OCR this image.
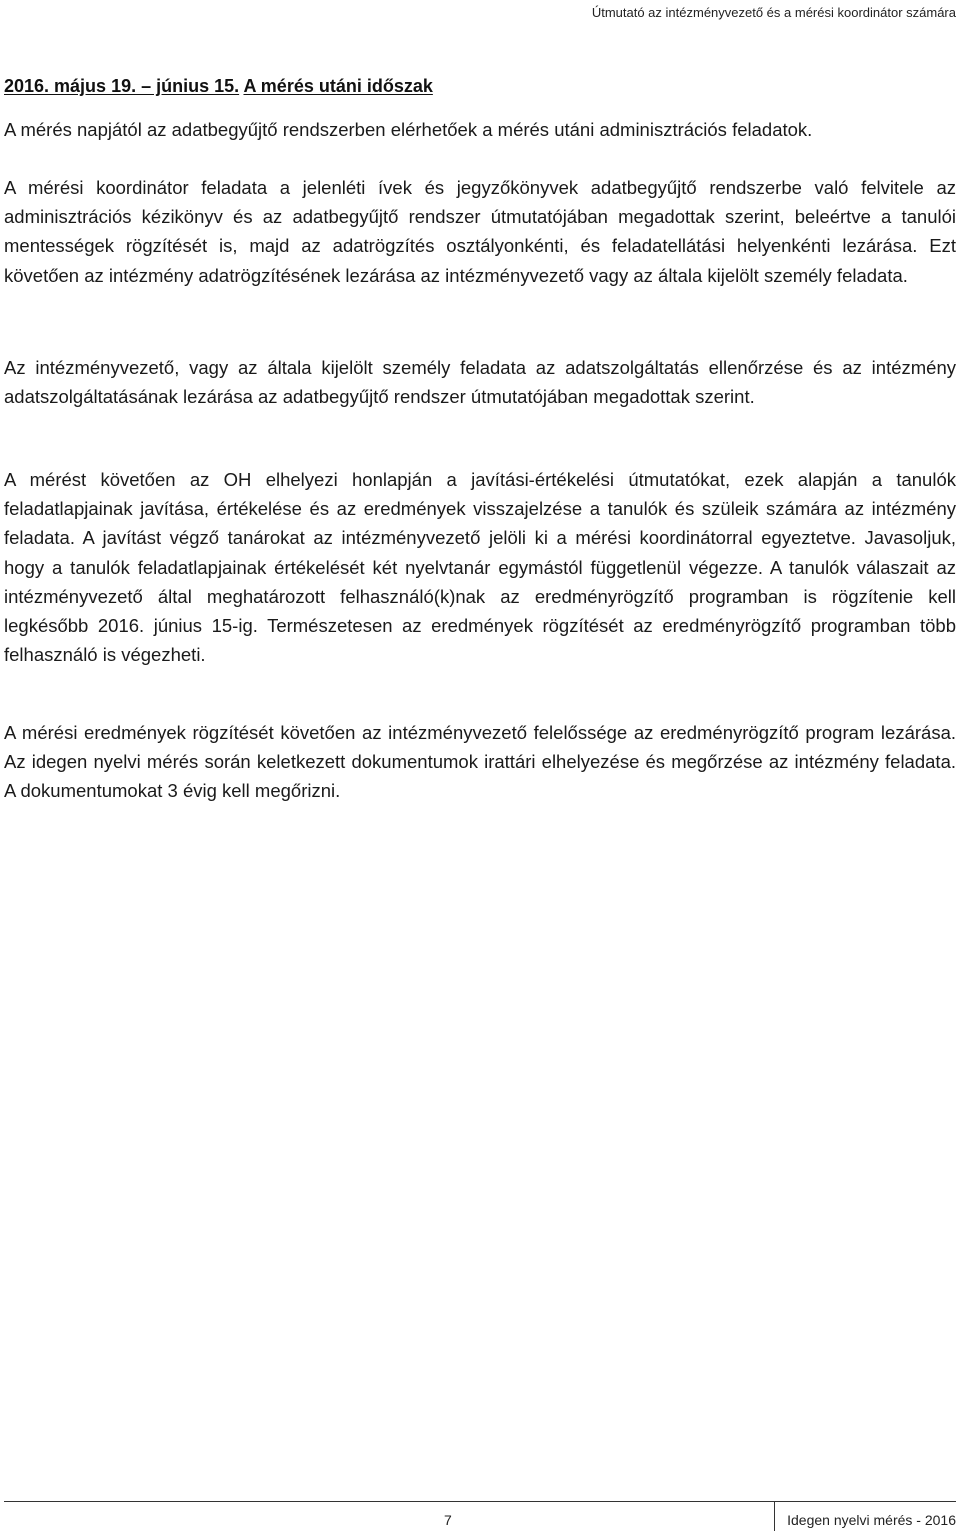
Útmutató az intézményvezető és a mérési koordinátor számára
2016. május 19. – június 15. A mérés utáni időszak

A mérés napjától az adatbegyűjtő rendszerben elérhetőek a mérés utáni adminisztrációs feladatok.

A mérési koordinátor feladata a jelenléti ívek és jegyzőkönyvek adatbegyűjtő rendszerbe való felvitele az adminisztrációs kézikönyv és az adatbegyűjtő rendszer útmutatójában megadottak szerint, beleértve a tanulói mentességek rögzítését is, majd az adatrögzítés osztályonkénti, és feladatellátási helyenkénti lezárása. Ezt követően az intézmény adatrögzítésének lezárása az intézményvezető vagy az általa kijelölt személy feladata.

Az intézményvezető, vagy az általa kijelölt személy feladata az adatszolgáltatás ellenőrzése és az intézmény adatszolgáltatásának lezárása az adatbegyűjtő rendszer útmutatójában megadottak szerint.

A mérést követően az OH elhelyezi honlapján a javítási-értékelési útmutatókat, ezek alapján a tanulók feladatlapjainak javítása, értékelése és az eredmények visszajelzése a tanulók és szüleik számára az intézmény feladata. A javítást végző tanárokat az intézményvezető jelöli ki a mérési koordinátorral egyeztetve. Javasoljuk, hogy a tanulók feladatlapjainak értékelését két nyelvtanár egymástól függetlenül végezze. A tanulók válaszait az intézményvezető által meghatározott felhasználó(k)nak az eredményrögzítő programban is rögzítenie kell legkésőbb 2016. június 15-ig. Természetesen az eredmények rögzítését az eredményrögzítő programban több felhasználó is végezheti.

A mérési eredmények rögzítését követően az intézményvezető felelőssége az eredményrögzítő program lezárása. Az idegen nyelvi mérés során keletkezett dokumentumok irattári elhelyezése és megőrzése az intézmény feladata. A dokumentumokat 3 évig kell megőrizni.

7	Idegen nyelvi mérés - 2016
